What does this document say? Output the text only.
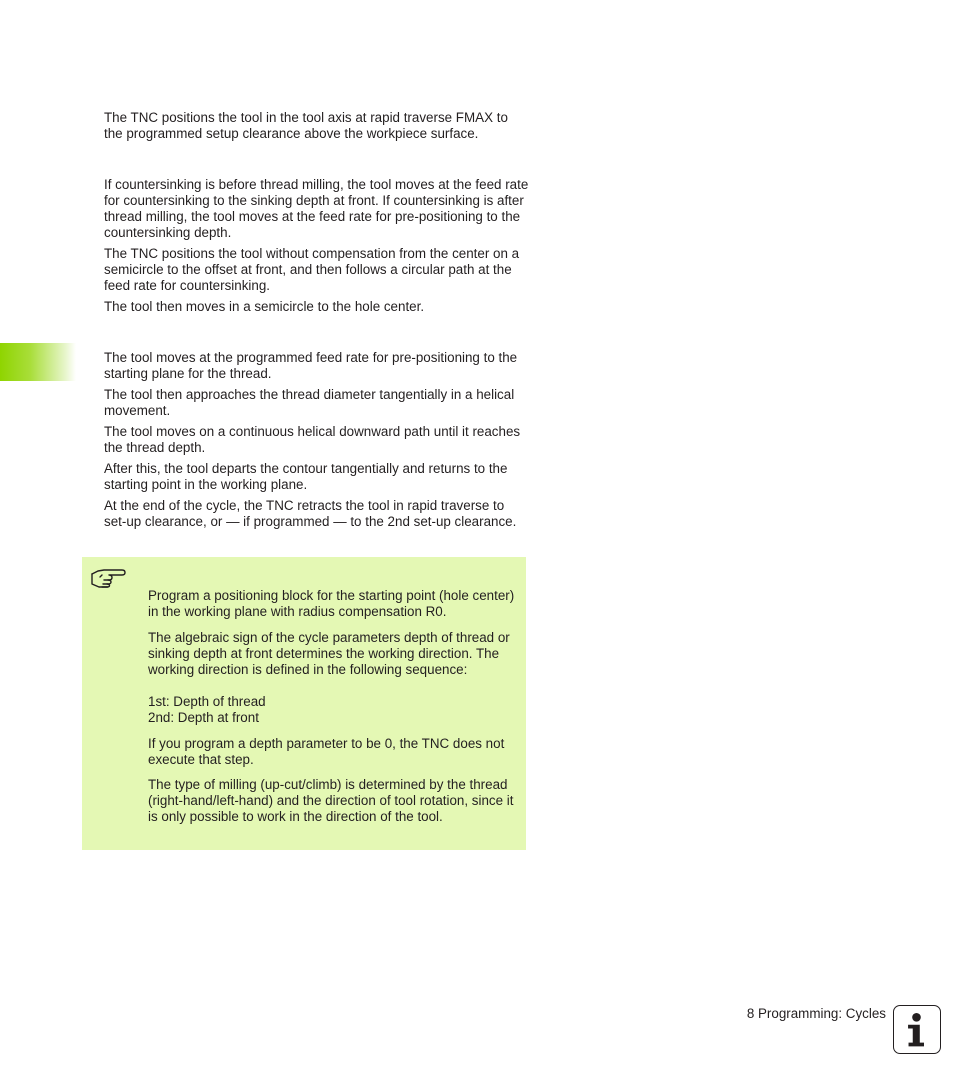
The TNC positions the tool in the tool axis at rapid traverse FMAX to the programmed setup clearance above the workpiece surface.

If countersinking is before thread milling, the tool moves at the feed rate for countersinking to the sinking depth at front. If countersinking is after thread milling, the tool moves at the feed rate for pre-positioning to the countersinking depth.

The TNC positions the tool without compensation from the center on a semicircle to the offset at front, and then follows a circular path at the feed rate for countersinking.

The tool then moves in a semicircle to the hole center.

The tool moves at the programmed feed rate for pre-positioning to the starting plane for the thread.

The tool then approaches the thread diameter tangentially in a helical movement.

The tool moves on a continuous helical downward path until it reaches the thread depth.

After this, the tool departs the contour tangentially and returns to the starting point in the working plane.

At the end of the cycle, the TNC retracts the tool in rapid traverse to set-up clearance, or — if programmed — to the 2nd set-up clearance.

Program a positioning block for the starting point (hole center) in the working plane with radius compensation R0.

The algebraic sign of the cycle parameters depth of thread or sinking depth at front determines the working direction. The working direction is defined in the following sequence:

1st: Depth of thread

2nd: Depth at front

If you program a depth parameter to be 0, the TNC does not execute that step.

The type of milling (up-cut/climb) is determined by the thread (right-hand/left-hand) and the direction of tool rotation, since it is only possible to work in the direction of the tool.

8 Programming: Cycles
